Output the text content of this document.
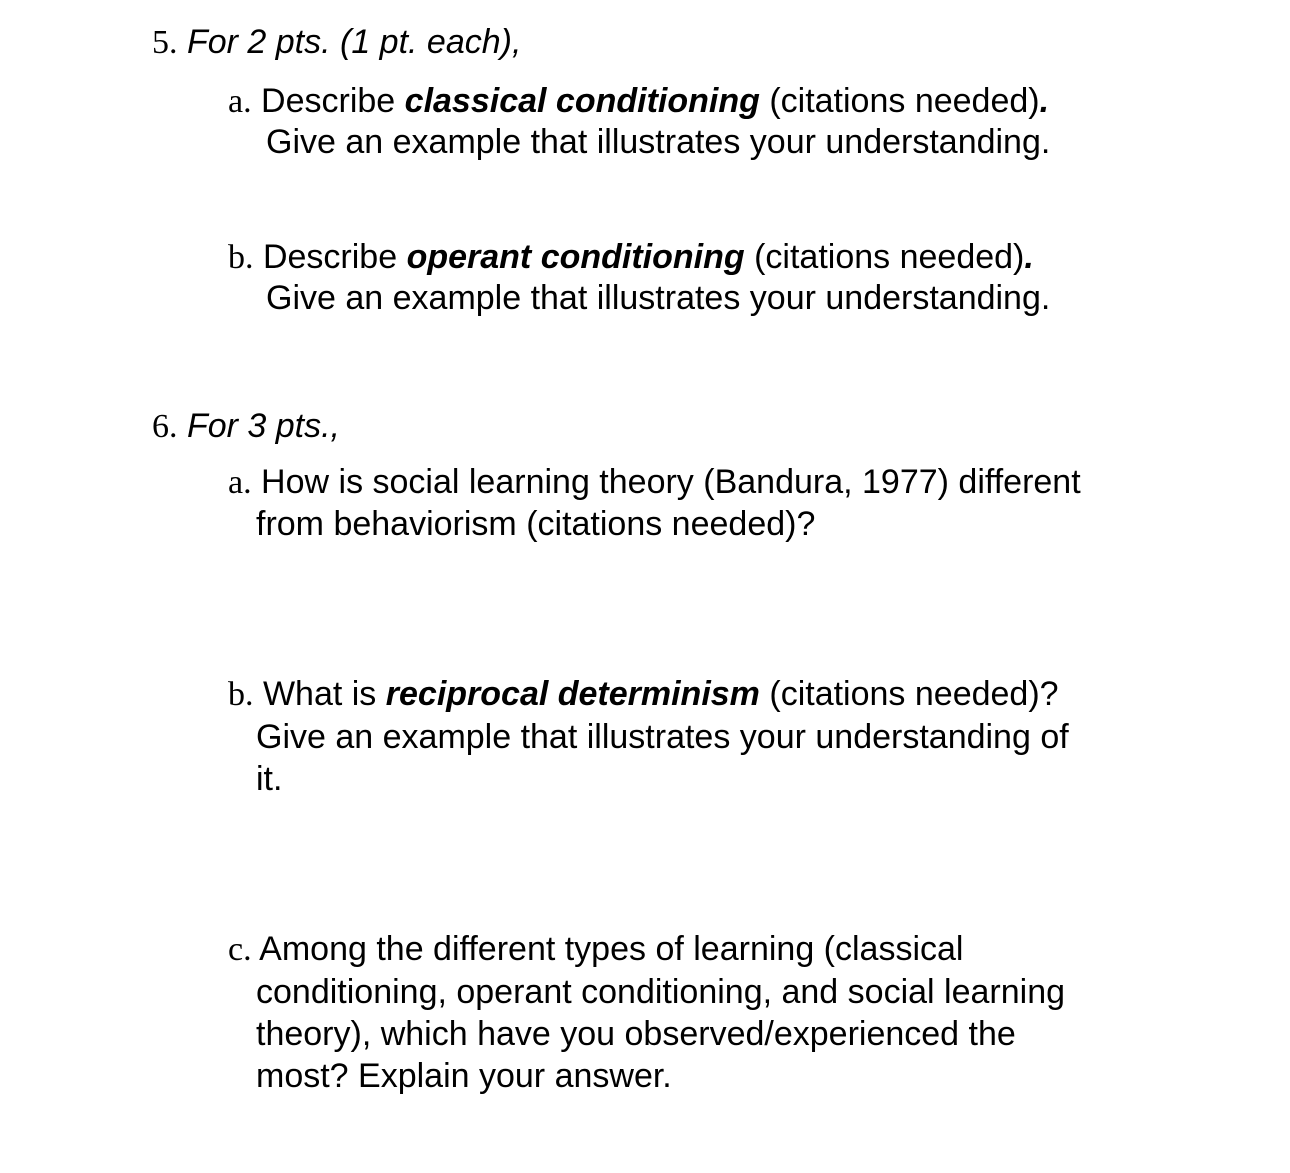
5. For 2 pts. (1 pt. each),
a. Describe classical conditioning (citations needed).
Give an example that illustrates your understanding.
b. Describe operant conditioning (citations needed).
Give an example that illustrates your understanding.
6. For 3 pts.,
a. How is social learning theory (Bandura, 1977) different
from behaviorism (citations needed)?
b. What is reciprocal determinism (citations needed)?
Give an example that illustrates your understanding of
it.
c. Among the different types of learning (classical
conditioning, operant conditioning, and social learning
theory), which have you observed/experienced the
most? Explain your answer.
